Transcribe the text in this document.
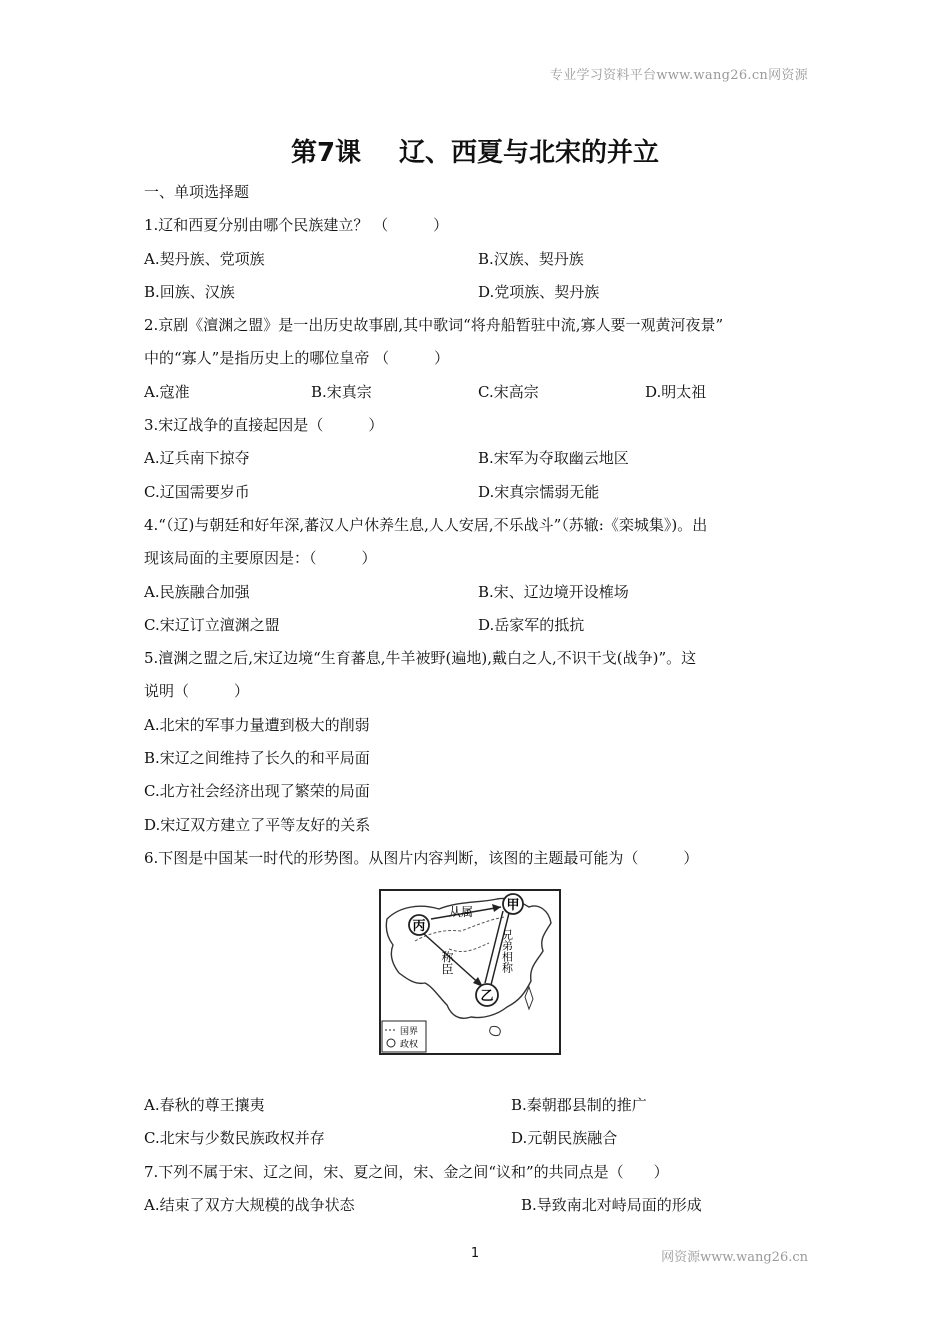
专业学习资料平台www.wang26.cn网资源
第7课 辽、西夏与北宋的并立
一、单项选择题
1.辽和西夏分别由哪个民族建立？ （　　　）
A.契丹族、党项族	B.汉族、契丹族
B.回族、汉族	D.党项族、契丹族
2.京剧《澶渊之盟》是一出历史故事剧,其中歌词“将舟船暂驻中流,寡人要一观黄河夜景”
中的“寡人”是指历史上的哪位皇帝 （　　　）
A.寇准	B.宋真宗	C.宋高宗	D.明太祖
3.宋辽战争的直接起因是（　　　）
A.辽兵南下掠夺	B.宋军为夺取幽云地区
C.辽国需要岁币	D.宋真宗懦弱无能
4.“（辽)与朝廷和好年深,蕃汉人户休养生息,人人安居,不乐战斗”（苏辙:《栾城集》)。出
现该局面的主要原因是：（　　　）
A.民族融合加强	B.宋、辽边境开设榷场
C.宋辽订立澶渊之盟	D.岳家军的抵抗
5.澶渊之盟之后,宋辽边境“生育蕃息,牛羊被野(遍地),戴白之人,不识干戈(战争)”。这
说明（　　　）
A.北宋的军事力量遭到极大的削弱
B.宋辽之间维持了长久的和平局面
C.北方社会经济出现了繁荣的局面
D.宋辽双方建立了平等友好的关系
6.下图是中国某一时代的形势图。从图片内容判断，该图的主题最可能为（　　　）
甲
丙
乙
从属
称臣	兄弟相称
国界
政权
A.春秋的尊王攘夷	B.秦朝郡县制的推广
C.北宋与少数民族政权并存	D.元朝民族融合
7.下列不属于宋、辽之间，宋、夏之间，宋、金之间“议和”的共同点是（　　）
A.结束了双方大规模的战争状态	B.导致南北对峙局面的形成
1	网资源www.wang26.cn
